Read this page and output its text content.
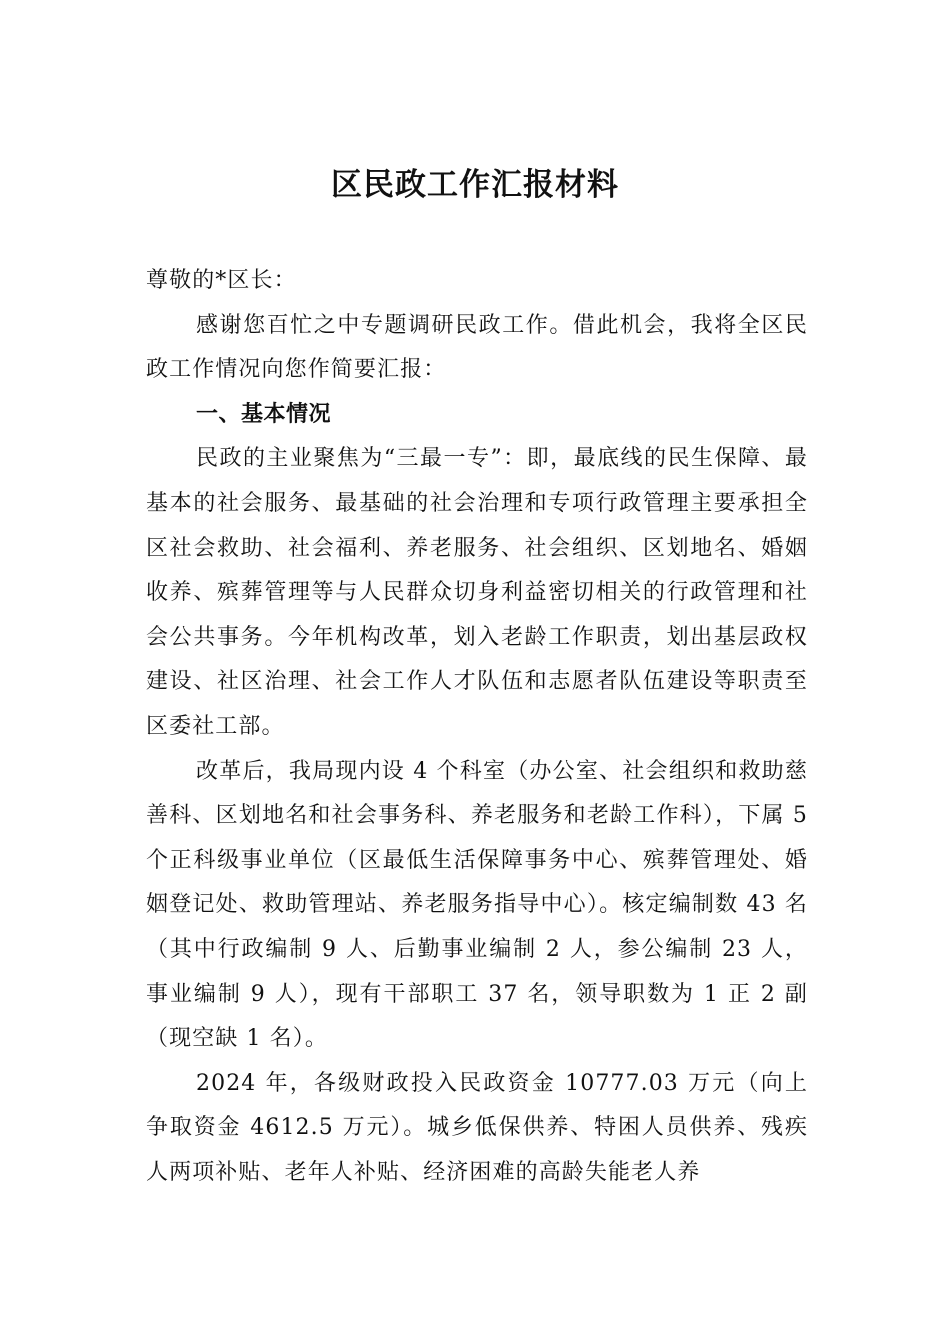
区民政工作汇报材料

尊敬的*区长：

感谢您百忙之中专题调研民政工作。借此机会，我将全区民政工作情况向您作简要汇报：

一、基本情况

民政的主业聚焦为“三最一专”：即，最底线的民生保障、最基本的社会服务、最基础的社会治理和专项行政管理主要承担全区社会救助、社会福利、养老服务、社会组织、区划地名、婚姻收养、殡葬管理等与人民群众切身利益密切相关的行政管理和社会公共事务。今年机构改革，划入老龄工作职责，划出基层政权建设、社区治理、社会工作人才队伍和志愿者队伍建设等职责至区委社工部。

改革后，我局现内设 4 个科室（办公室、社会组织和救助慈善科、区划地名和社会事务科、养老服务和老龄工作科），下属 5 个正科级事业单位（区最低生活保障事务中心、殡葬管理处、婚姻登记处、救助管理站、养老服务指导中心）。核定编制数 43 名（其中行政编制 9 人、后勤事业编制 2 人，参公编制 23 人，事业编制 9 人），现有干部职工 37 名，领导职数为 1 正 2 副（现空缺 1 名）。

2024 年，各级财政投入民政资金 10777.03 万元（向上争取资金 4612.5 万元）。城乡低保供养、特困人员供养、残疾人两项补贴、老年人补贴、经济困难的高龄失能老人养
